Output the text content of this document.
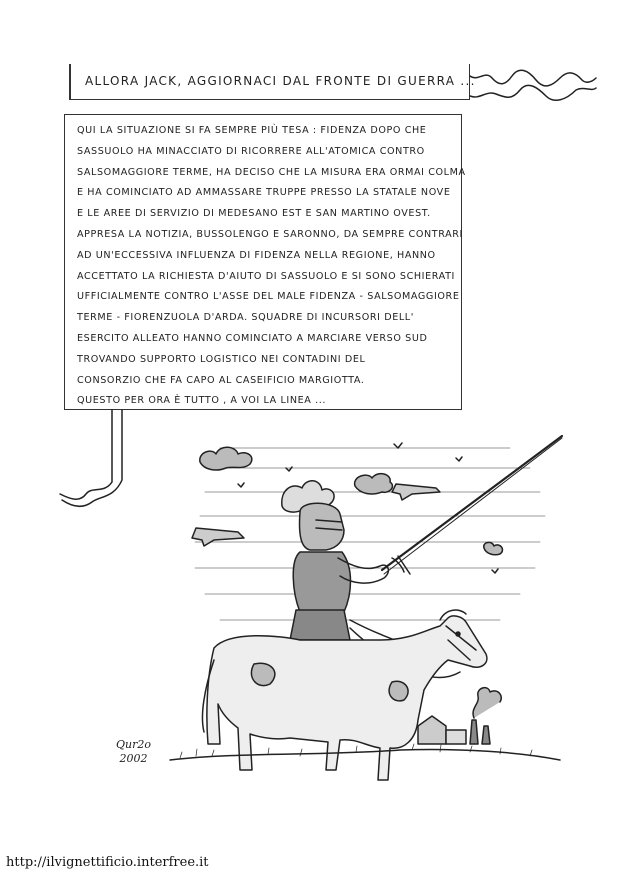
ALLORA JACK, AGGIORNACI DAL FRONTE DI GUERRA ...
QUI LA SITUAZIONE SI FA SEMPRE PIÙ TESA : FIDENZA DOPO CHE
SASSUOLO HA MINACCIATO DI RICORRERE ALL'ATOMICA CONTRO
SALSOMAGGIORE TERME, HA DECISO CHE LA MISURA ERA ORMAI COLMA
E HA COMINCIATO AD AMMASSARE TRUPPE PRESSO LA STATALE NOVE
E LE AREE DI SERVIZIO DI MEDESANO EST E SAN MARTINO OVEST.
APPRESA LA NOTIZIA, BUSSOLENGO E SARONNO, DA SEMPRE CONTRARI
AD UN'ECCESSIVA INFLUENZA DI FIDENZA NELLA REGIONE, HANNO
ACCETTATO LA RICHIESTA D'AIUTO DI SASSUOLO E SI SONO SCHIERATI
UFFICIALMENTE CONTRO L'ASSE DEL MALE FIDENZA - SALSOMAGGIORE
TERME - FIORENZUOLA D'ARDA. SQUADRE DI INCURSORI DELL'
ESERCITO ALLEATO HANNO COMINCIATO A MARCIARE VERSO SUD
TROVANDO SUPPORTO LOGISTICO NEI CONTADINI DEL
CONSORZIO CHE FA CAPO AL CASEIFICIO MARGIOTTA.
QUESTO PER ORA È TUTTO , A VOI LA LINEA ...
Qur2o
2002
http://ilvignettificio.interfree.it
